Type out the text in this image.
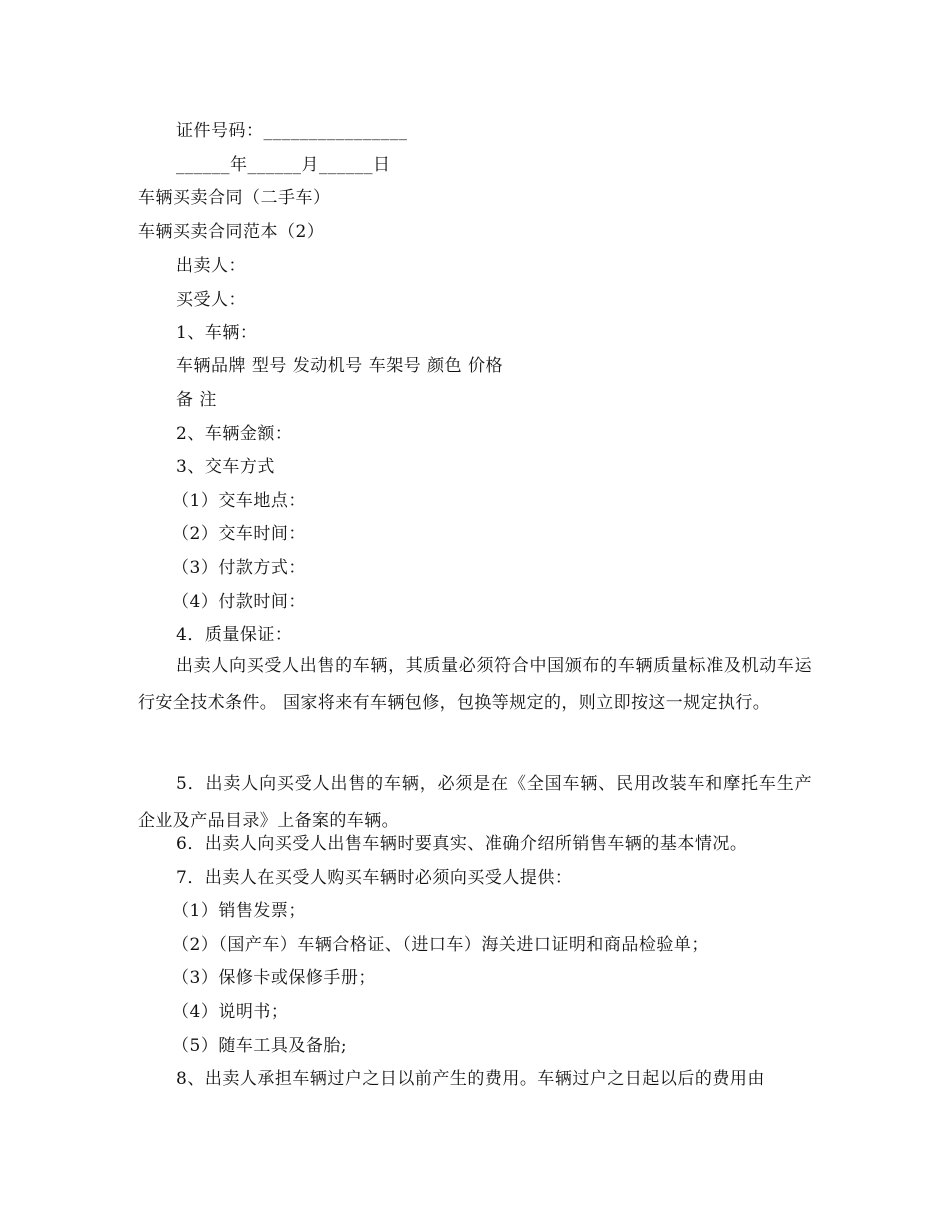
证件号码：________________
______年______月______日
车辆买卖合同（二手车）
车辆买卖合同范本（2）
出卖人：
买受人：
1、车辆：
车辆品牌 型号 发动机号 车架号 颜色 价格
备 注
2、车辆金额：
3、交车方式
（1）交车地点：
（2）交车时间：
（3）付款方式：
（4）付款时间：
4．质量保证：
出卖人向买受人出售的车辆，其质量必须符合中国颁布的车辆质量标准及机动车运行安全技术条件。 国家将来有车辆包修，包换等规定的，则立即按这一规定执行。
5．出卖人向买受人出售的车辆，必须是在《全国车辆、民用改装车和摩托车生产企业及产品目录》上备案的车辆。
6．出卖人向买受人出售车辆时要真实、准确介绍所销售车辆的基本情况。
7．出卖人在买受人购买车辆时必须向买受人提供：
（1）销售发票；
（2）（国产车）车辆合格证、（进口车）海关进口证明和商品检验单；
（3）保修卡或保修手册；
（4）说明书；
（5）随车工具及备胎;
8、出卖人承担车辆过户之日以前产生的费用。车辆过户之日起以后的费用由
